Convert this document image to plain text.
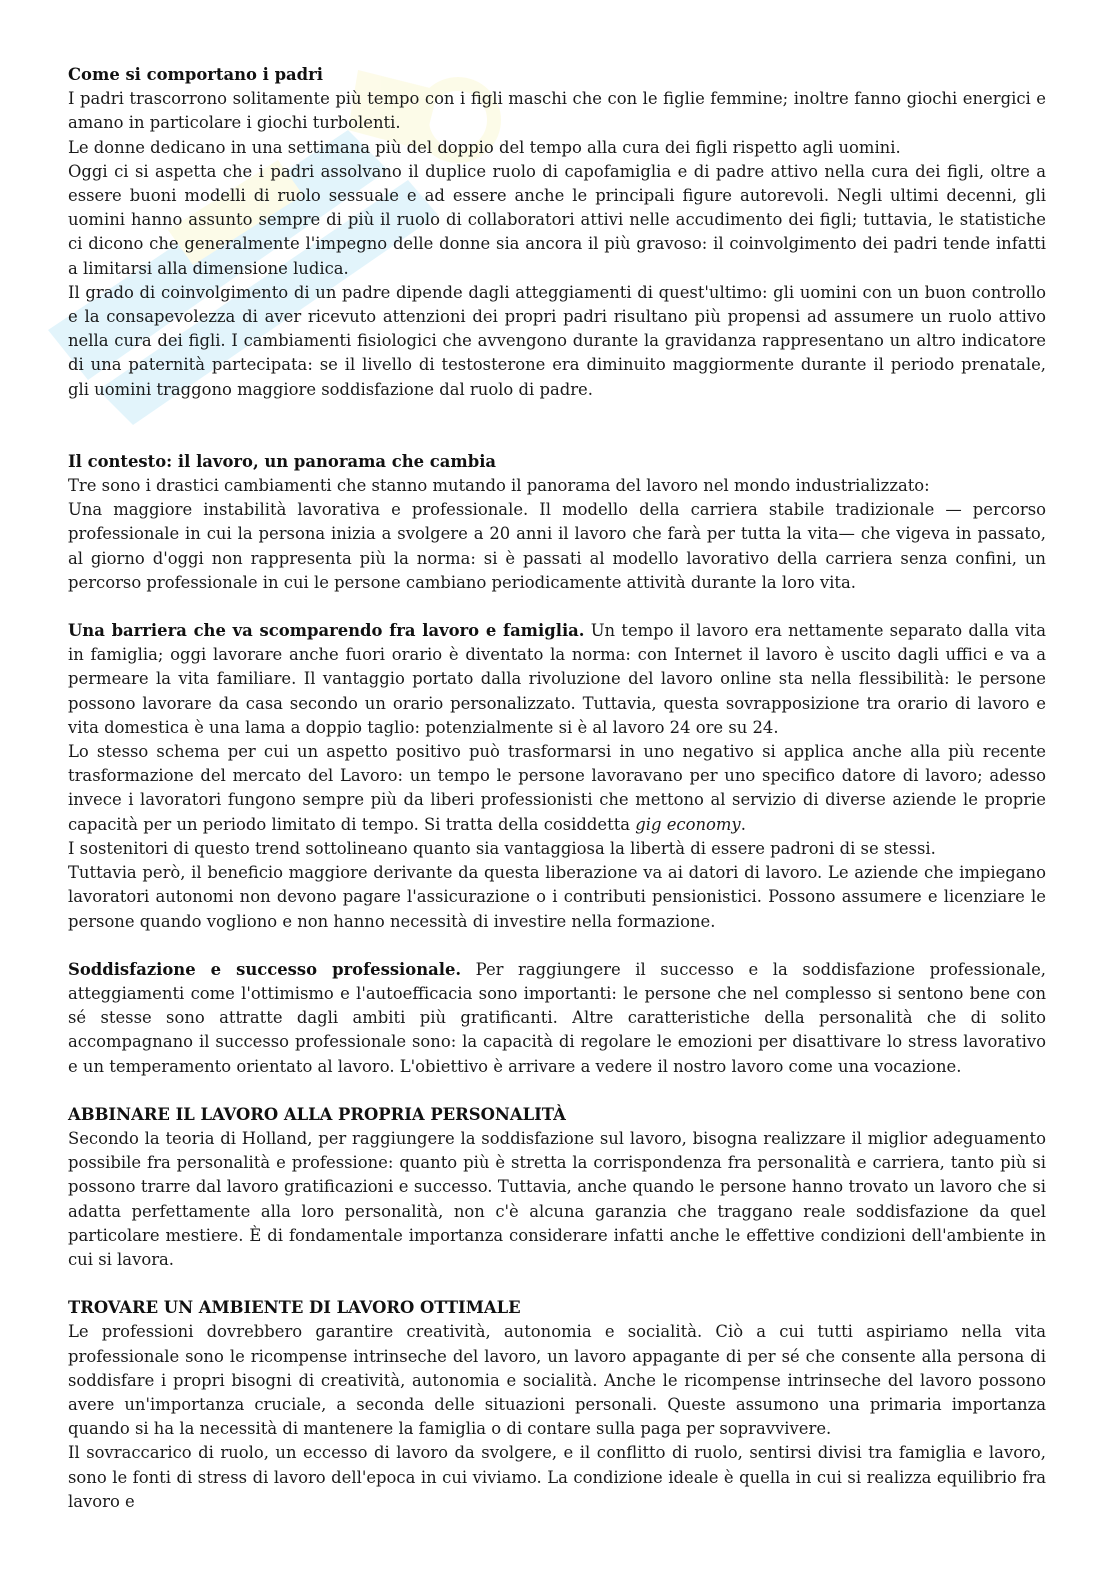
Come si comportano i padri

I padri trascorrono solitamente più tempo con i figli maschi che con le figlie femmine; inoltre fanno giochi energici e amano in particolare i giochi turbolenti.

Le donne dedicano in una settimana più del doppio del tempo alla cura dei figli rispetto agli uomini.

Oggi ci si aspetta che i padri assolvano il duplice ruolo di capofamiglia e di padre attivo nella cura dei figli, oltre a essere buoni modelli di ruolo sessuale e ad essere anche le principali figure autorevoli. Negli ultimi decenni, gli uomini hanno assunto sempre di più il ruolo di collaboratori attivi nelle accudimento dei figli; tuttavia, le statistiche ci dicono che generalmente l'impegno delle donne sia ancora il più gravoso: il coinvolgimento dei padri tende infatti a limitarsi alla dimensione ludica.

Il grado di coinvolgimento di un padre dipende dagli atteggiamenti di quest'ultimo: gli uomini con un buon controllo e la consapevolezza di aver ricevuto attenzioni dei propri padri risultano più propensi ad assumere un ruolo attivo nella cura dei figli. I cambiamenti fisiologici che avvengono durante la gravidanza rappresentano un altro indicatore di una paternità partecipata: se il livello di testosterone era diminuito maggiormente durante il periodo prenatale, gli uomini traggono maggiore soddisfazione dal ruolo di padre.

Il contesto: il lavoro, un panorama che cambia

Tre sono i drastici cambiamenti che stanno mutando il panorama del lavoro nel mondo industrializzato:

Una maggiore instabilità lavorativa e professionale. Il modello della carriera stabile tradizionale — percorso professionale in cui la persona inizia a svolgere a 20 anni il lavoro che farà per tutta la vita— che vigeva in passato, al giorno d'oggi non rappresenta più la norma: si è passati al modello lavorativo della carriera senza confini, un percorso professionale in cui le persone cambiano periodicamente attività durante la loro vita.

Una barriera che va scomparendo fra lavoro e famiglia. Un tempo il lavoro era nettamente separato dalla vita in famiglia; oggi lavorare anche fuori orario è diventato la norma: con Internet il lavoro è uscito dagli uffici e va a permeare la vita familiare. Il vantaggio portato dalla rivoluzione del lavoro online sta nella flessibilità: le persone possono lavorare da casa secondo un orario personalizzato. Tuttavia, questa sovrapposizione tra orario di lavoro e vita domestica è una lama a doppio taglio: potenzialmente si è al lavoro 24 ore su 24.

Lo stesso schema per cui un aspetto positivo può trasformarsi in uno negativo si applica anche alla più recente trasformazione del mercato del Lavoro: un tempo le persone lavoravano per uno specifico datore di lavoro; adesso invece i lavoratori fungono sempre più da liberi professionisti che mettono al servizio di diverse aziende le proprie capacità per un periodo limitato di tempo. Si tratta della cosiddetta gig economy.

I sostenitori di questo trend sottolineano quanto sia vantaggiosa la libertà di essere padroni di se stessi.

Tuttavia però, il beneficio maggiore derivante da questa liberazione va ai datori di lavoro. Le aziende che impiegano lavoratori autonomi non devono pagare l'assicurazione o i contributi pensionistici. Possono assumere e licenziare le persone quando vogliono e non hanno necessità di investire nella formazione.

Soddisfazione e successo professionale. Per raggiungere il successo e la soddisfazione professionale, atteggiamenti come l'ottimismo e l'autoefficacia sono importanti: le persone che nel complesso si sentono bene con sé stesse sono attratte dagli ambiti più gratificanti. Altre caratteristiche della personalità che di solito accompagnano il successo professionale sono: la capacità di regolare le emozioni per disattivare lo stress lavorativo e un temperamento orientato al lavoro. L'obiettivo è arrivare a vedere il nostro lavoro come una vocazione.

ABBINARE IL LAVORO ALLA PROPRIA PERSONALITÀ

Secondo la teoria di Holland, per raggiungere la soddisfazione sul lavoro, bisogna realizzare il miglior adeguamento possibile fra personalità e professione: quanto più è stretta la corrispondenza fra personalità e carriera, tanto più si possono trarre dal lavoro gratificazioni e successo. Tuttavia, anche quando le persone hanno trovato un lavoro che si adatta perfettamente alla loro personalità, non c'è alcuna garanzia che traggano reale soddisfazione da quel particolare mestiere. È di fondamentale importanza considerare infatti anche le effettive condizioni dell'ambiente in cui si lavora.

TROVARE UN AMBIENTE DI LAVORO OTTIMALE

Le professioni dovrebbero garantire creatività, autonomia e socialità. Ciò a cui tutti aspiriamo nella vita professionale sono le ricompense intrinseche del lavoro, un lavoro appagante di per sé che consente alla persona di soddisfare i propri bisogni di creatività, autonomia e socialità. Anche le ricompense intrinseche del lavoro possono avere un'importanza cruciale, a seconda delle situazioni personali. Queste assumono una primaria importanza quando si ha la necessità di mantenere la famiglia o di contare sulla paga per sopravvivere.

Il sovraccarico di ruolo, un eccesso di lavoro da svolgere, e il conflitto di ruolo, sentirsi divisi tra famiglia e lavoro, sono le fonti di stress di lavoro dell'epoca in cui viviamo. La condizione ideale è quella in cui si realizza equilibrio fra lavoro e
